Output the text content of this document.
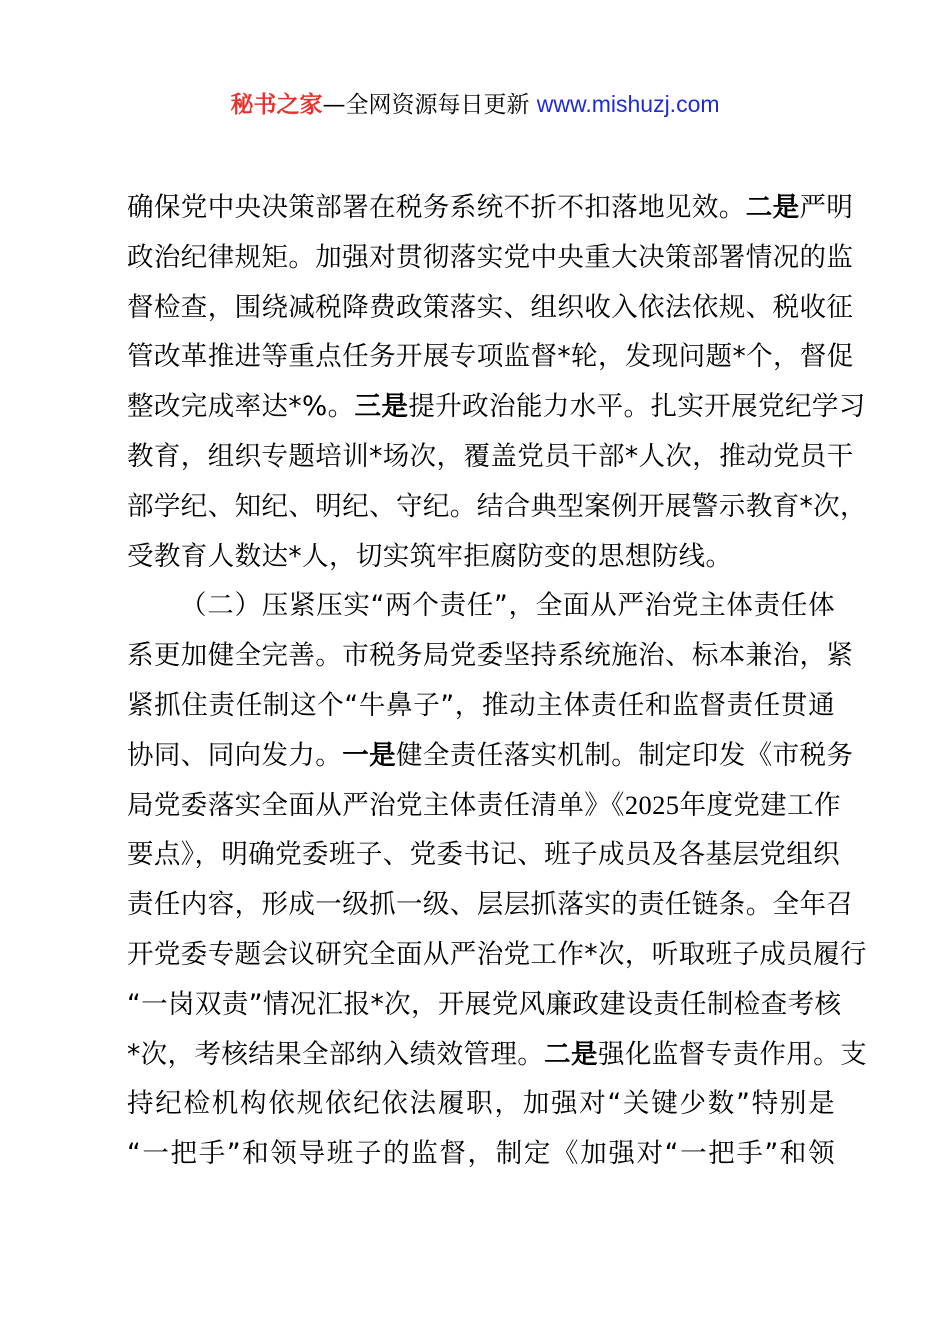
秘书之家—全网资源每日更新 www.mishuzj.com
确保党中央决策部署在税务系统不折不扣落地见效。二是严明
政治纪律规矩。加强对贯彻落实党中央重大决策部署情况的监
督检查，围绕减税降费政策落实、组织收入依法依规、税收征
管改革推进等重点任务开展专项监督*轮，发现问题*个，督促
整改完成率达*%。三是提升政治能力水平。扎实开展党纪学习
教育，组织专题培训*场次，覆盖党员干部*人次，推动党员干
部学纪、知纪、明纪、守纪。结合典型案例开展警示教育*次，
受教育人数达*人，切实筑牢拒腐防变的思想防线。
（二）压紧压实“两个责任”，全面从严治党主体责任体
系更加健全完善。市税务局党委坚持系统施治、标本兼治，紧
紧抓住责任制这个“牛鼻子”，推动主体责任和监督责任贯通
协同、同向发力。一是健全责任落实机制。制定印发《市税务
局党委落实全面从严治党主体责任清单》《2025年度党建工作
要点》，明确党委班子、党委书记、班子成员及各基层党组织
责任内容，形成一级抓一级、层层抓落实的责任链条。全年召
开党委专题会议研究全面从严治党工作*次，听取班子成员履行
“一岗双责”情况汇报*次，开展党风廉政建设责任制检查考核
*次，考核结果全部纳入绩效管理。二是强化监督专责作用。支
持纪检机构依规依纪依法履职，加强对“关键少数”特别是
“一把手”和领导班子的监督，制定《加强对“一把手”和领
